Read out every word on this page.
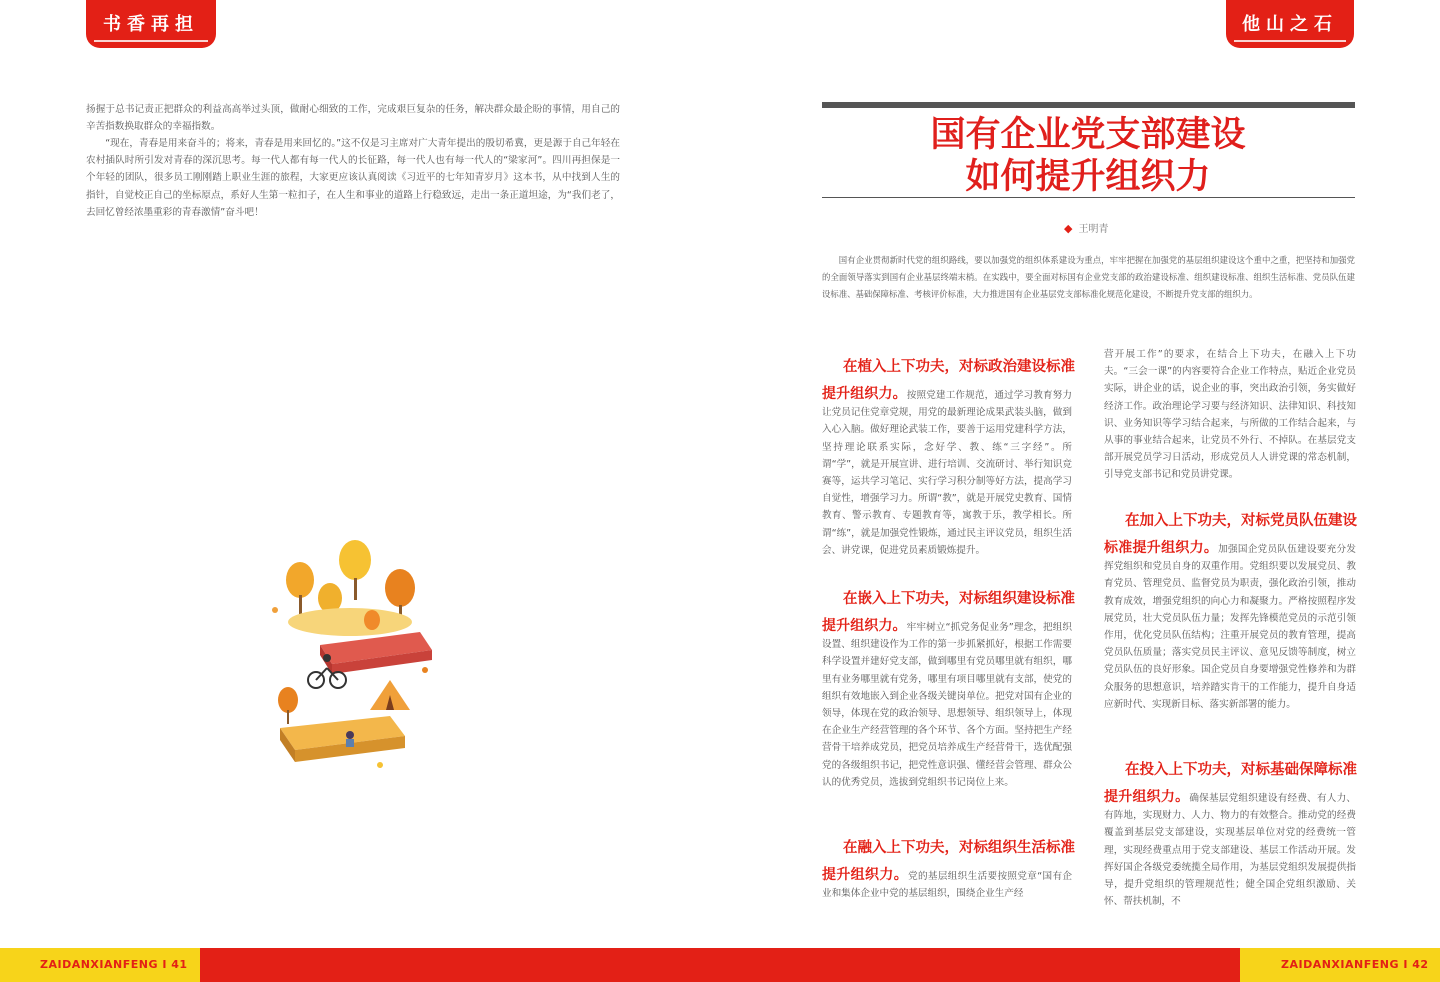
书香再担	他山之石

扬握于总书记责正把群众的利益高高举过头顶，做耐心细致的工作，完成艰巨复杂的任务，解决群众最企盼的事情，用自己的辛苦指数换取群众的幸福指数。

“现在，青春是用来奋斗的；将来，青春是用来回忆的。”这不仅是习主席对广大青年提出的殷切希冀，更是源于自己年轻在农村插队时所引发对青春的深沉思考。每一代人都有每一代人的长征路，每一代人也有每一代人的“梁家河”。四川再担保是一个年轻的团队，很多员工刚刚踏上职业生涯的旅程，大家更应该认真阅读《习近平的七年知青岁月》这本书，从中找到人生的指针，自觉校正自己的坐标原点，系好人生第一粒扣子，在人生和事业的道路上行稳致远，走出一条正道坦途，为“我们老了，去回忆曾经浓墨重彩的青春激情”奋斗吧！

国有企业党支部建设
如何提升组织力
◆ 王明青

国有企业贯彻新时代党的组织路线，要以加强党的组织体系建设为重点，牢牢把握在加强党的基层组织建设这个重中之重，把坚持和加强党的全面领导落实到国有企业基层终端末梢。在实践中，要全面对标国有企业党支部的政治建设标准、组织建设标准、组织生活标准、党员队伍建设标准、基础保障标准、考核评价标准，大力推进国有企业基层党支部标准化规范化建设，不断提升党支部的组织力。

在植入上下功夫，对标政治建设标准

提升组织力。按照党建工作规范，通过学习教育努力让党员记住党章党规，用党的最新理论成果武装头脑，做到入心入脑。做好理论武装工作，要善于运用党建科学方法，坚持理论联系实际，念好学、教、练“三字经”。所谓“学”，就是开展宣讲、进行培训、交流研讨、举行知识竞赛等，运共学习笔记、实行学习积分制等好方法，提高学习自觉性，增强学习力。所谓“教”，就是开展党史教育、国情教育、警示教育、专题教育等，寓教于乐，教学相长。所谓“练”，就是加强党性锻炼，通过民主评议党员，组织生活会、讲党课，促进党员素质锻炼提升。

在嵌入上下功夫，对标组织建设标准

提升组织力。牢牢树立“抓党务促业务”理念，把组织设置、组织建设作为工作的第一步抓紧抓好，根据工作需要科学设置并建好党支部，做到哪里有党员哪里就有组织，哪里有业务哪里就有党务，哪里有项目哪里就有支部，使党的组织有效地嵌入到企业各级关键岗单位。把党对国有企业的领导，体现在党的政治领导、思想领导、组织领导上，体现在企业生产经营管理的各个环节、各个方面。坚持把生产经营骨干培养成党员，把党员培养成生产经营骨干，选优配强党的各级组织书记，把党性意识强、懂经营会管理、群众公认的优秀党员，选拔到党组织书记岗位上来。

在融入上下功夫，对标组织生活标准

提升组织力。党的基层组织生活要按照党章“国有企业和集体企业中党的基层组织，围绕企业生产经

营开展工作”的要求，在结合上下功夫，在融入上下功夫。“三会一课”的内容要符合企业工作特点，贴近企业党员实际，讲企业的话，说企业的事，突出政治引领，务实做好经济工作。政治理论学习要与经济知识、法律知识、科技知识、业务知识等学习结合起来，与所做的工作结合起来，与从事的事业结合起来，让党员不外行、不掉队。在基层党支部开展党员学习日活动，形成党员人人讲党课的常态机制，引导党支部书记和党员讲党课。

在加入上下功夫，对标党员队伍建设

标准提升组织力。加强国企党员队伍建设要充分发挥党组织和党员自身的双重作用。党组织要以发展党员、教育党员、管理党员、监督党员为职责，强化政治引领，推动教育成效，增强党组织的向心力和凝聚力。严格按照程序发展党员，壮大党员队伍力量；发挥先锋模范党员的示范引领作用，优化党员队伍结构；注重开展党员的教育管理，提高党员队伍质量；落实党员民主评议、意见反馈等制度，树立党员队伍的良好形象。国企党员自身要增强党性修养和为群众服务的思想意识，培养踏实肯干的工作能力，提升自身适应新时代、实现新目标、落实新部署的能力。

在投入上下功夫，对标基础保障标准

提升组织力。确保基层党组织建设有经费、有人力、有阵地，实现财力、人力、物力的有效整合。推动党的经费覆盖到基层党支部建设，实现基层单位对党的经费统一管理，实现经费重点用于党支部建设、基层工作活动开展。发挥好国企各级党委统揽全局作用，为基层党组织发展提供指导，提升党组织的管理规范性；健全国企党组织激励、关怀、帮扶机制，不

ZAIDANXIANFENG I 41	ZAIDANXIANFENG I 42
